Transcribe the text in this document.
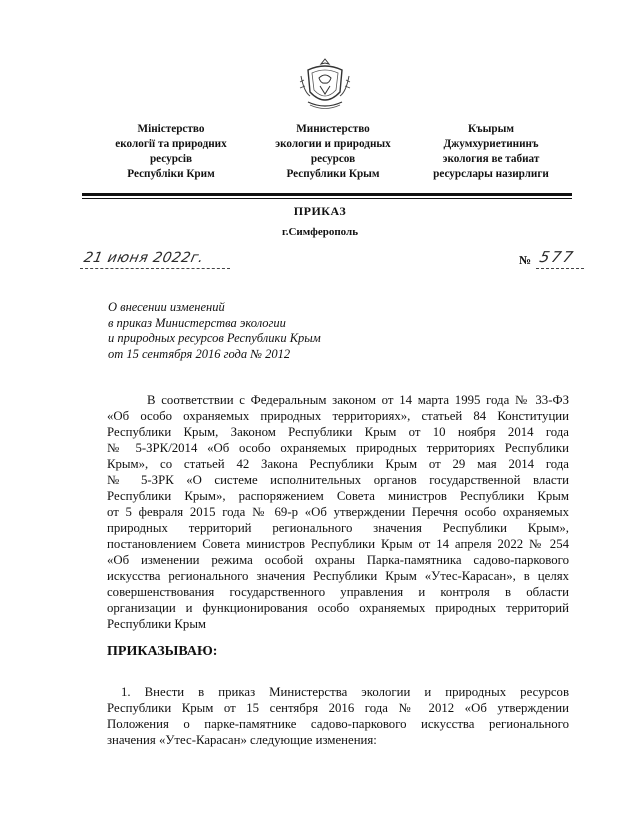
Міністерство
екології та природних
ресурсів
Республіки Крим
Министерство
экологии и природных
ресурсов
Республики Крым
Къырым
Джумхуриетининъ
экология ве табиат
ресурслары назирлиги
ПРИКАЗ
г.Симферополь
21 июня 2022г.	№ 577
О внесении изменений
в приказ Министерства экологии
и природных ресурсов Республики Крым
от 15 сентября 2016 года № 2012
В соответствии с Федеральным законом от 14 марта 1995 года № 33-ФЗ
«Об особо охраняемых природных территориях», статьей 84 Конституции
Республики Крым, Законом Республики Крым от 10 ноября 2014 года
№ 5-ЗРК/2014 «Об особо охраняемых природных территориях Республики
Крым», со статьей 42 Закона Республики Крым от 29 мая 2014 года
№ 5-ЗРК «О системе исполнительных органов государственной власти
Республики Крым», распоряжением Совета министров Республики Крым
от 5 февраля 2015 года № 69-р «Об утверждении Перечня особо охраняемых
природных территорий регионального значения Республики Крым»,
постановлением Совета министров Республики Крым от 14 апреля 2022 № 254
«Об изменении режима особой охраны Парка-памятника садово-паркового
искусства регионального значения Республики Крым «Утес-Карасан», в целях
совершенствования государственного управления и контроля в области
организации и функционирования особо охраняемых природных территорий
Республики Крым
ПРИКАЗЫВАЮ:
1. Внести в приказ Министерства экологии и природных ресурсов
Республики Крым от 15 сентября 2016 года № 2012 «Об утверждении
Положения о парке-памятнике садово-паркового искусства регионального
значения «Утес-Карасан» следующие изменения:
